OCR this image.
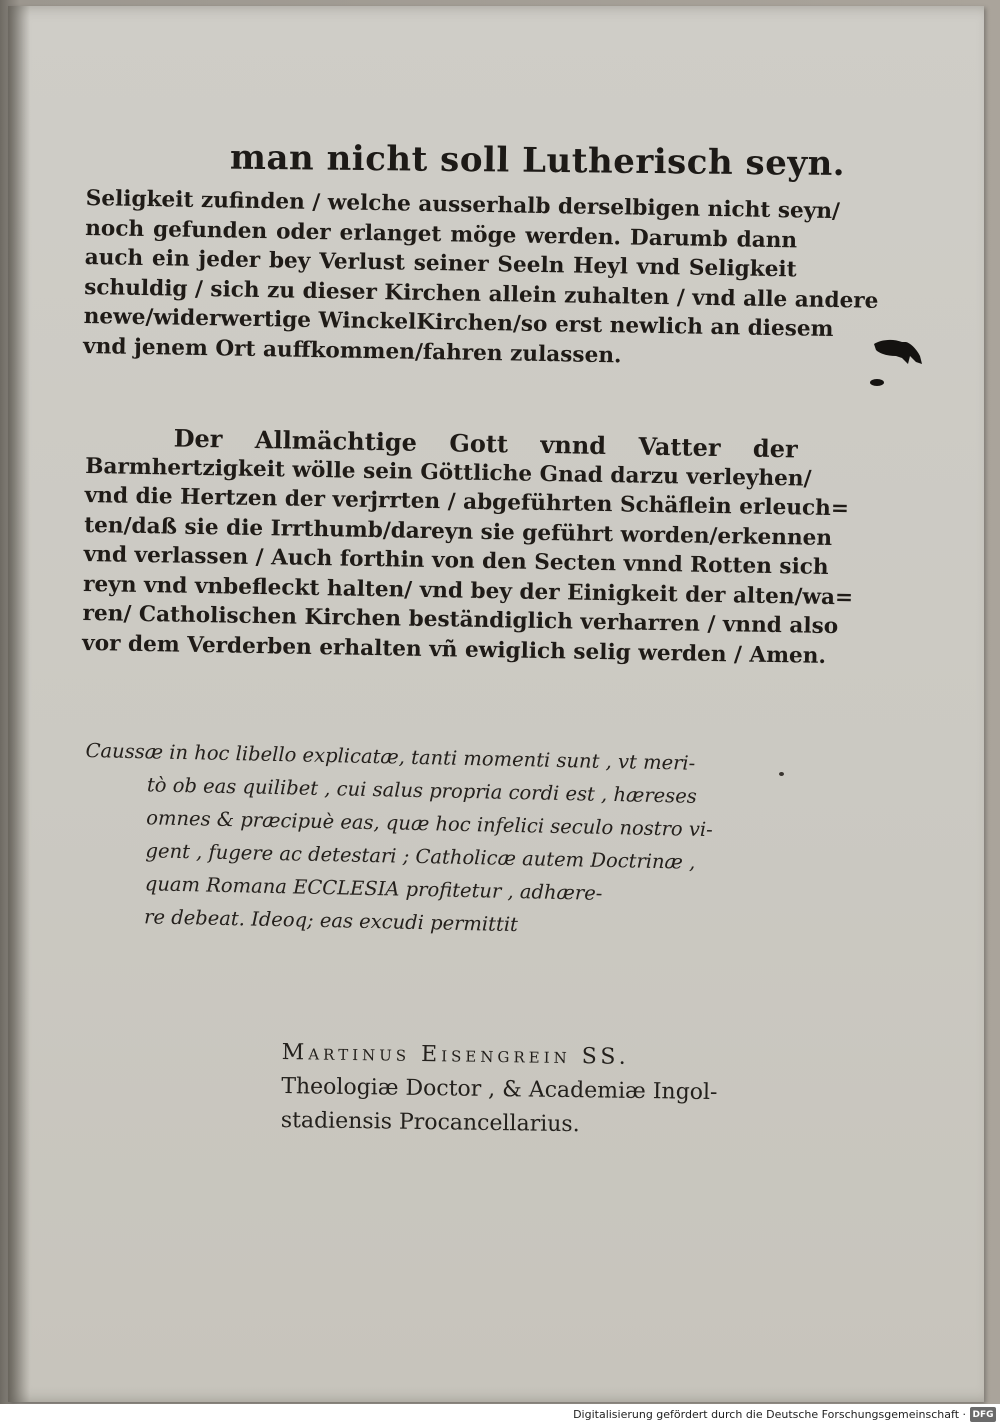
man nicht soll Lutherisch seyn.
Seligkeit zufinden / welche ausserhalb derselbigen nicht seyn/
noch gefunden oder erlanget möge werden. Darumb dann
auch ein jeder bey Verlust seiner Seeln Heyl vnd Seligkeit
schuldig / sich zu dieser Kirchen allein zuhalten / vnd alle andere
newe/widerwertige WinckelKirchen/so erst newlich an diesem
vnd jenem Ort auffkommen/fahren zulassen.
Der Allmächtige Gott vnnd Vatter der
Barmhertzigkeit wölle sein Göttliche Gnad darzu verleyhen/
vnd die Hertzen der verjrrten / abgeführten Schäflein erleuch=
ten/daß sie die Irrthumb/dareyn sie geführt worden/erkennen
vnd verlassen / Auch forthin von den Secten vnnd Rotten sich
reyn vnd vnbefleckt halten/ vnd bey der Einigkeit der alten/wa=
ren/ Catholischen Kirchen beständiglich verharren / vnnd also
vor dem Verderben erhalten vñ ewiglich selig werden / Amen.
Caussæ in hoc libello explicatæ, tanti momenti sunt , vt meri-
tò ob eas quilibet , cui salus propria cordi est , hæreses
omnes & præcipuè eas, quæ hoc infelici seculo nostro vi-
gent , fugere ac detestari ; Catholicæ autem Doctrinæ ,
quam Romana ECCLESIA profitetur , adhære-
re debeat. Ideoq; eas excudi permittit
Martinus Eisengrein SS.
Theologiæ Doctor , & Academiæ Ingol-
stadiensis Procancellarius.
Digitalisierung gefördert durch die Deutsche Forschungsgemeinschaft · DFG
